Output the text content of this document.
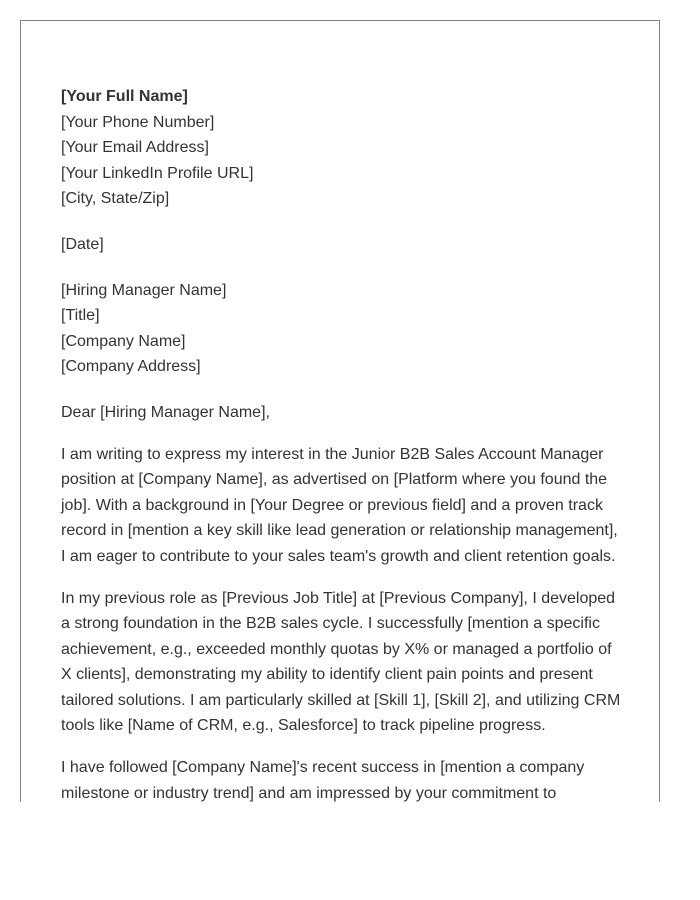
[Your Full Name]
[Your Phone Number]
[Your Email Address]
[Your LinkedIn Profile URL]
[City, State/Zip]
[Date]
[Hiring Manager Name]
[Title]
[Company Name]
[Company Address]
Dear [Hiring Manager Name],

I am writing to express my interest in the Junior B2B Sales Account Manager position at [Company Name], as advertised on [Platform where you found the job]. With a background in [Your Degree or previous field] and a proven track record in [mention a key skill like lead generation or relationship management], I am eager to contribute to your sales team's growth and client retention goals.

In my previous role as [Previous Job Title] at [Previous Company], I developed a strong foundation in the B2B sales cycle. I successfully [mention a specific achievement, e.g., exceeded monthly quotas by X% or managed a portfolio of X clients], demonstrating my ability to identify client pain points and present tailored solutions. I am particularly skilled at [Skill 1], [Skill 2], and utilizing CRM tools like [Name of CRM, e.g., Salesforce] to track pipeline progress.

I have followed [Company Name]'s recent success in [mention a company milestone or industry trend] and am impressed by your commitment to
